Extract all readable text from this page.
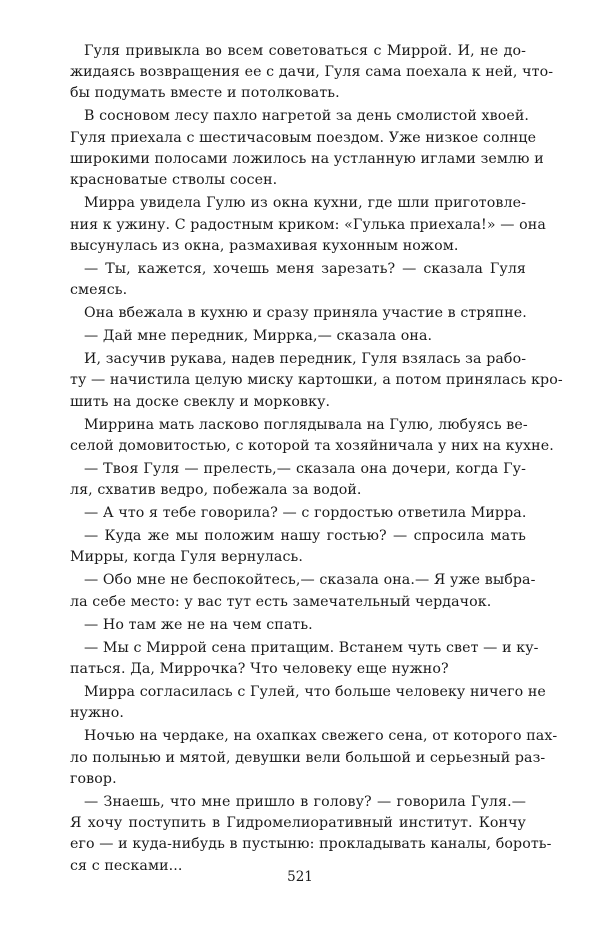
Гуля привыкла во всем советоваться с Миррой. И, не до-
жидаясь возвращения ее с дачи, Гуля сама поехала к ней, что-
бы подумать вместе и потолковать.
В сосновом лесу пахло нагретой за день смолистой хвоей.
Гуля приехала с шестичасовым поездом. Уже низкое солнце
широкими полосами ложилось на устланную иглами землю и
красноватые стволы сосен.
Мирра увидела Гулю из окна кухни, где шли приготовле-
ния к ужину. С радостным криком: «Гулька приехала!» — она
высунулась из окна, размахивая кухонным ножом.
— Ты, кажется, хочешь меня зарезать? — сказала Гуля
смеясь.
Она вбежала в кухню и сразу приняла участие в стряпне.
— Дай мне передник, Миррка,— сказала она.
И, засучив рукава, надев передник, Гуля взялась за рабо-
ту — начистила целую миску картошки, а потом принялась кро-
шить на доске свеклу и морковку.
Миррина мать ласково поглядывала на Гулю, любуясь ве-
селой домовитостью, с которой та хозяйничала у них на кухне.
— Твоя Гуля — прелесть,— сказала она дочери, когда Гу-
ля, схватив ведро, побежала за водой.
— А что я тебе говорила? — с гордостью ответила Мирра.
— Куда же мы положим нашу гостью? — спросила мать
Мирры, когда Гуля вернулась.
— Обо мне не беспокойтесь,— сказала она.— Я уже выбра-
ла себе место: у вас тут есть замечательный чердачок.
— Но там же не на чем спать.
— Мы с Миррой сена притащим. Встанем чуть свет — и ку-
паться. Да, Миррочка? Что человеку еще нужно?
Мирра согласилась с Гулей, что больше человеку ничего не
нужно.
Ночью на чердаке, на охапках свежего сена, от которого пах-
ло полынью и мятой, девушки вели большой и серьезный раз-
говор.
— Знаешь, что мне пришло в голову? — говорила Гуля.—
Я хочу поступить в Гидромелиоративный институт. Кончу
его — и куда-нибудь в пустыню: прокладывать каналы, бороть-
ся с песками...
521
